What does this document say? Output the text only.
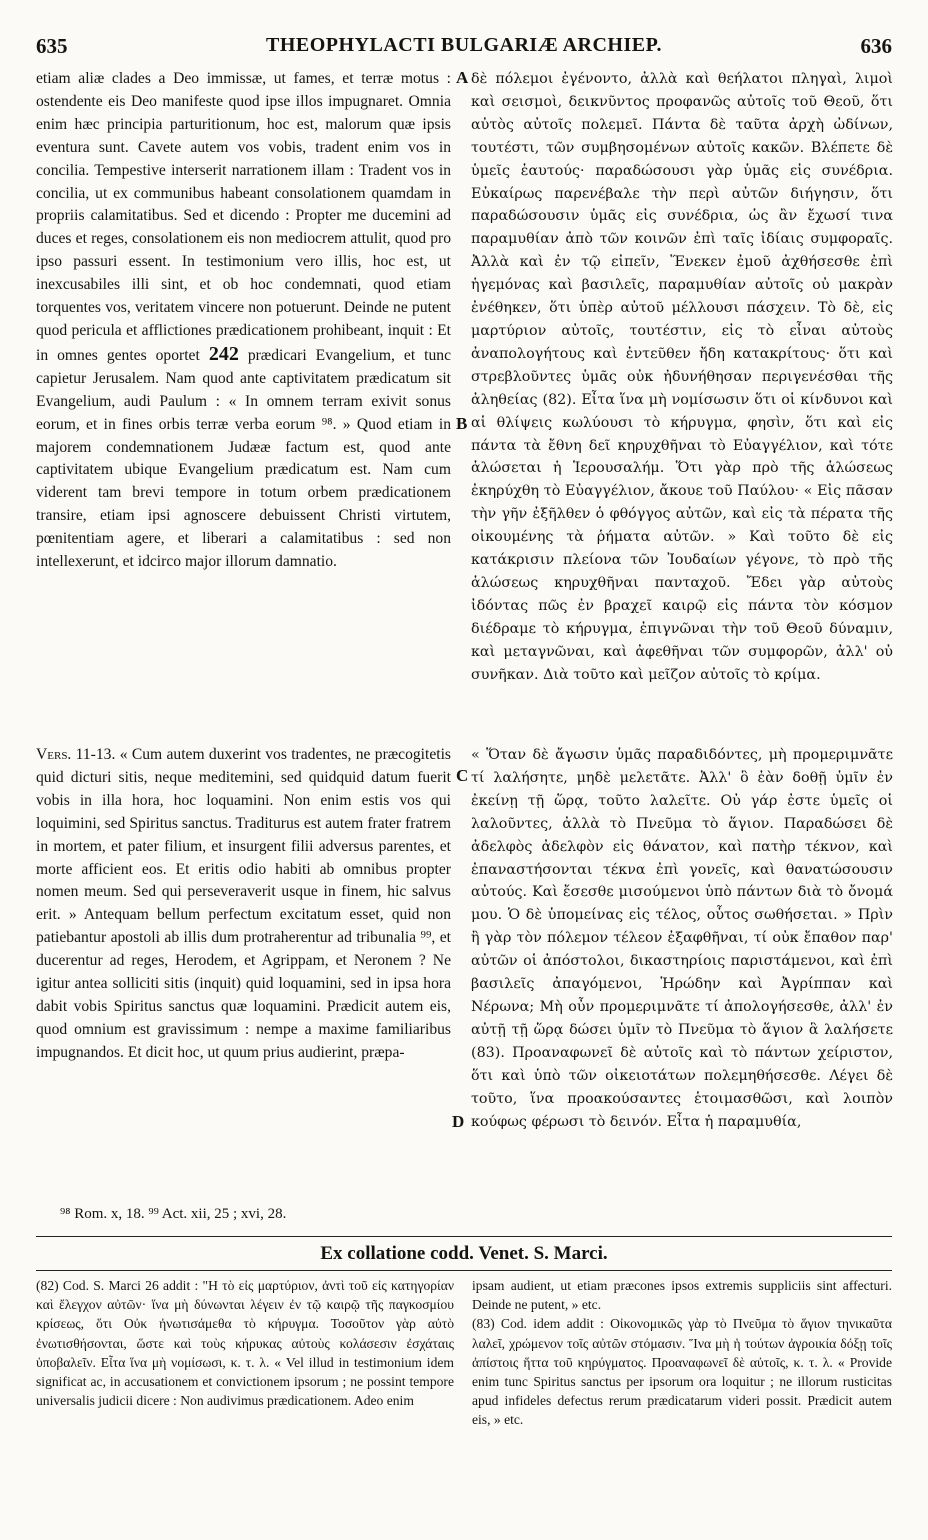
635	THEOPHYLACTI BULGARIÆ ARCHIEP.	636

etiam aliæ clades a Deo immissæ, ut fames, et terræ motus : ostendente eis Deo manifeste quod ipse illos impugnaret. Omnia enim hæc principia parturitionum, hoc est, malorum quæ ipsis eventura sunt. Cavete autem vos vobis, tradent enim vos in concilia. Tempestive interserit narrationem illam : Tradent vos in concilia, ut ex communibus habeant consolationem quamdam in propriis calamitatibus. Sed et dicendo : Propter me ducemini ad duces et reges, consolationem eis non mediocrem attulit, quod pro ipso passuri essent. In testimonium vero illis, hoc est, ut inexcusabiles illi sint, et ob hoc condemnati, quod etiam torquentes vos, veritatem vincere non potuerunt. Deinde ne putent quod pericula et afflictiones prædicationem prohibeant, inquit : Et in omnes gentes oportet 242 prædicari Evangelium, et tunc capietur Jerusalem. Nam quod ante captivitatem prædicatum sit Evangelium, audi Paulum : « In omnem terram exivit sonus eorum, et in fines orbis terræ verba eorum ⁹⁸. » Quod etiam in majorem condemnationem Judææ factum est, quod ante captivitatem ubique Evangelium prædicatum est. Nam cum viderent tam brevi tempore in totum orbem prædicationem transire, etiam ipsi agnoscere debuissent Christi virtutem, pœnitentiam agere, et liberari a calamitatibus : sed non intellexerunt, et idcirco major illorum damnatio.

Vers. 11-13. « Cum autem duxerint vos tradentes, ne præcogitetis quid dicturi sitis, neque meditemini, sed quidquid datum fuerit vobis in illa hora, hoc loquamini. Non enim estis vos qui loquimini, sed Spiritus sanctus. Traditurus est autem frater fratrem in mortem, et pater filium, et insurgent filii adversus parentes, et morte afficient eos. Et eritis odio habiti ab omnibus propter nomen meum. Sed qui perseveraverit usque in finem, hic salvus erit. » Antequam bellum perfectum excitatum esset, quid non patiebantur apostoli ab illis dum protraherentur ad tribunalia ⁹⁹, et ducerentur ad reges, Herodem, et Agrippam, et Neronem ? Ne igitur antea solliciti sitis (inquit) quid loquamini, sed in ipsa hora dabit vobis Spiritus sanctus quæ loquamini. Prædicit autem eis, quod omnium est gravissimum : nempe a maxime familiaribus impugnandos. Et dicit hoc, ut quum prius audierint, præpa-

δὲ πόλεμοι ἐγένοντο, ἀλλὰ καὶ θεήλατοι πληγαὶ, λιμοὶ καὶ σεισμοὶ, δεικνῦντος προφανῶς αὐτοῖς τοῦ Θεοῦ, ὅτι αὐτὸς αὐτοῖς πολεμεῖ. Πάντα δὲ ταῦτα ἀρχὴ ὠδίνων, τουτέστι, τῶν συμβησομένων αὐτοῖς κακῶν. Βλέπετε δὲ ὑμεῖς ἑαυτούς· παραδώσουσι γὰρ ὑμᾶς εἰς συνέδρια. Εὐκαίρως παρενέβαλε τὴν περὶ αὐτῶν διήγησιν, ὅτι παραδώσουσιν ὑμᾶς εἰς συνέδρια, ὡς ἂν ἔχωσί τινα παραμυθίαν ἀπὸ τῶν κοινῶν ἐπὶ ταῖς ἰδίαις συμφοραῖς. Ἀλλὰ καὶ ἐν τῷ εἰπεῖν, Ἕνεκεν ἐμοῦ ἀχθήσεσθε ἐπὶ ἡγεμόνας καὶ βασιλεῖς, παραμυθίαν αὐτοῖς οὐ μακρὰν ἐνέθηκεν, ὅτι ὑπὲρ αὐτοῦ μέλλουσι πάσχειν. Τὸ δὲ, εἰς μαρτύριον αὐτοῖς, τουτέστιν, εἰς τὸ εἶναι αὐτοὺς ἀναπολογήτους καὶ ἐντεῦθεν ἤδη κατακρίτους· ὅτι καὶ στρεβλοῦντες ὑμᾶς οὐκ ἠδυνήθησαν περιγενέσθαι τῆς ἀληθείας (82). Εἶτα ἵνα μὴ νομίσωσιν ὅτι οἱ κίνδυνοι καὶ αἱ θλίψεις κωλύουσι τὸ κήρυγμα, φησὶν, ὅτι καὶ εἰς πάντα τὰ ἔθνη δεῖ κηρυχθῆναι τὸ Εὐαγγέλιον, καὶ τότε ἁλώσεται ἡ Ἱερουσαλήμ. Ὅτι γὰρ πρὸ τῆς ἁλώσεως ἐκηρύχθη τὸ Εὐαγγέλιον, ἄκουε τοῦ Παύλου· « Εἰς πᾶσαν τὴν γῆν ἐξῆλθεν ὁ φθόγγος αὐτῶν, καὶ εἰς τὰ πέρατα τῆς οἰκουμένης τὰ ῥήματα αὐτῶν. » Καὶ τοῦτο δὲ εἰς κατάκρισιν πλείονα τῶν Ἰουδαίων γέγονε, τὸ πρὸ τῆς ἁλώσεως κηρυχθῆναι πανταχοῦ. Ἔδει γὰρ αὐτοὺς ἰδόντας πῶς ἐν βραχεῖ καιρῷ εἰς πάντα τὸν κόσμον διέδραμε τὸ κήρυγμα, ἐπιγνῶναι τὴν τοῦ Θεοῦ δύναμιν, καὶ μεταγνῶναι, καὶ ἀφεθῆναι τῶν συμφορῶν, ἀλλ' οὐ συνῆκαν. Διὰ τοῦτο καὶ μεῖζον αὐτοῖς τὸ κρίμα.

« Ὅταν δὲ ἄγωσιν ὑμᾶς παραδιδόντες, μὴ προμεριμνᾶτε τί λαλήσητε, μηδὲ μελετᾶτε. Ἀλλ' ὃ ἐὰν δοθῇ ὑμῖν ἐν ἐκείνῃ τῇ ὥρᾳ, τοῦτο λαλεῖτε. Οὐ γάρ ἐστε ὑμεῖς οἱ λαλοῦντες, ἀλλὰ τὸ Πνεῦμα τὸ ἅγιον. Παραδώσει δὲ ἀδελφὸς ἀδελφὸν εἰς θάνατον, καὶ πατὴρ τέκνον, καὶ ἐπαναστήσονται τέκνα ἐπὶ γονεῖς, καὶ θανατώσουσιν αὐτούς. Καὶ ἔσεσθε μισούμενοι ὑπὸ πάντων διὰ τὸ ὄνομά μου. Ὁ δὲ ὑπομείνας εἰς τέλος, οὗτος σωθήσεται. » Πρὶν ἢ γὰρ τὸν πόλεμον τέλεον ἐξαφθῆναι, τί οὐκ ἔπαθον παρ' αὐτῶν οἱ ἀπόστολοι, δικαστηρίοις παριστάμενοι, καὶ ἐπὶ βασιλεῖς ἀπαγόμενοι, Ἡρώδην καὶ Ἀγρίππαν καὶ Νέρωνα; Μὴ οὖν προμεριμνᾶτε τί ἀπολογήσεσθε, ἀλλ' ἐν αὐτῇ τῇ ὥρᾳ δώσει ὑμῖν τὸ Πνεῦμα τὸ ἅγιον ἃ λαλήσετε (83). Προαναφωνεῖ δὲ αὐτοῖς καὶ τὸ πάντων χείριστον, ὅτι καὶ ὑπὸ τῶν οἰκειοτάτων πολεμηθήσεσθε. Λέγει δὲ τοῦτο, ἵνα προακούσαντες ἑτοιμασθῶσι, καὶ λοιπὸν κούφως φέρωσι τὸ δεινόν. Εἶτα ἡ παραμυθία,

A
B
C
D
⁹⁸ Rom. x, 18. ⁹⁹ Act. xii, 25 ; xvi, 28.
Ex collatione codd. Venet. S. Marci.

(82) Cod. S. Marci 26 addit : "Η τὸ εἰς μαρτύριον, ἀντὶ τοῦ εἰς κατηγορίαν καὶ ἔλεγχον αὐτῶν· ἵνα μὴ δύνωνται λέγειν ἐν τῷ καιρῷ τῆς παγκοσμίου κρίσεως, ὅτι Οὐκ ἠνωτισάμεθα τὸ κήρυγμα. Τοσοῦτον γὰρ αὐτὸ ἐνωτισθήσονται, ὥστε καὶ τοὺς κήρυκας αὐτοὺς κολάσεσιν ἐσχάταις ὑποβαλεῖν. Εἶτα ἵνα μὴ νομίσωσι, κ. τ. λ. « Vel illud in testimonium idem significat ac, in accusationem et convictionem ipsorum ; ne possint tempore universalis judicii dicere : Non audivimus prædicationem. Adeo enim

ipsam audient, ut etiam præcones ipsos extremis suppliciis sint affecturi. Deinde ne putent, » etc.
(83) Cod. idem addit : Οἰκονομικῶς γὰρ τὸ Πνεῦμα τὸ ἅγιον τηνικαῦτα λαλεῖ, χρώμενον τοῖς αὐτῶν στόμασιν. Ἵνα μὴ ἡ τούτων ἀγροικία δόξῃ τοῖς ἀπίστοις ἥττα τοῦ κηρύγματος. Προαναφωνεῖ δὲ αὐτοῖς, κ. τ. λ. « Provide enim tunc Spiritus sanctus per ipsorum ora loquitur ; ne illorum rusticitas apud infideles defectus rerum prædicatarum videri possit. Prædicit autem eis, » etc.
